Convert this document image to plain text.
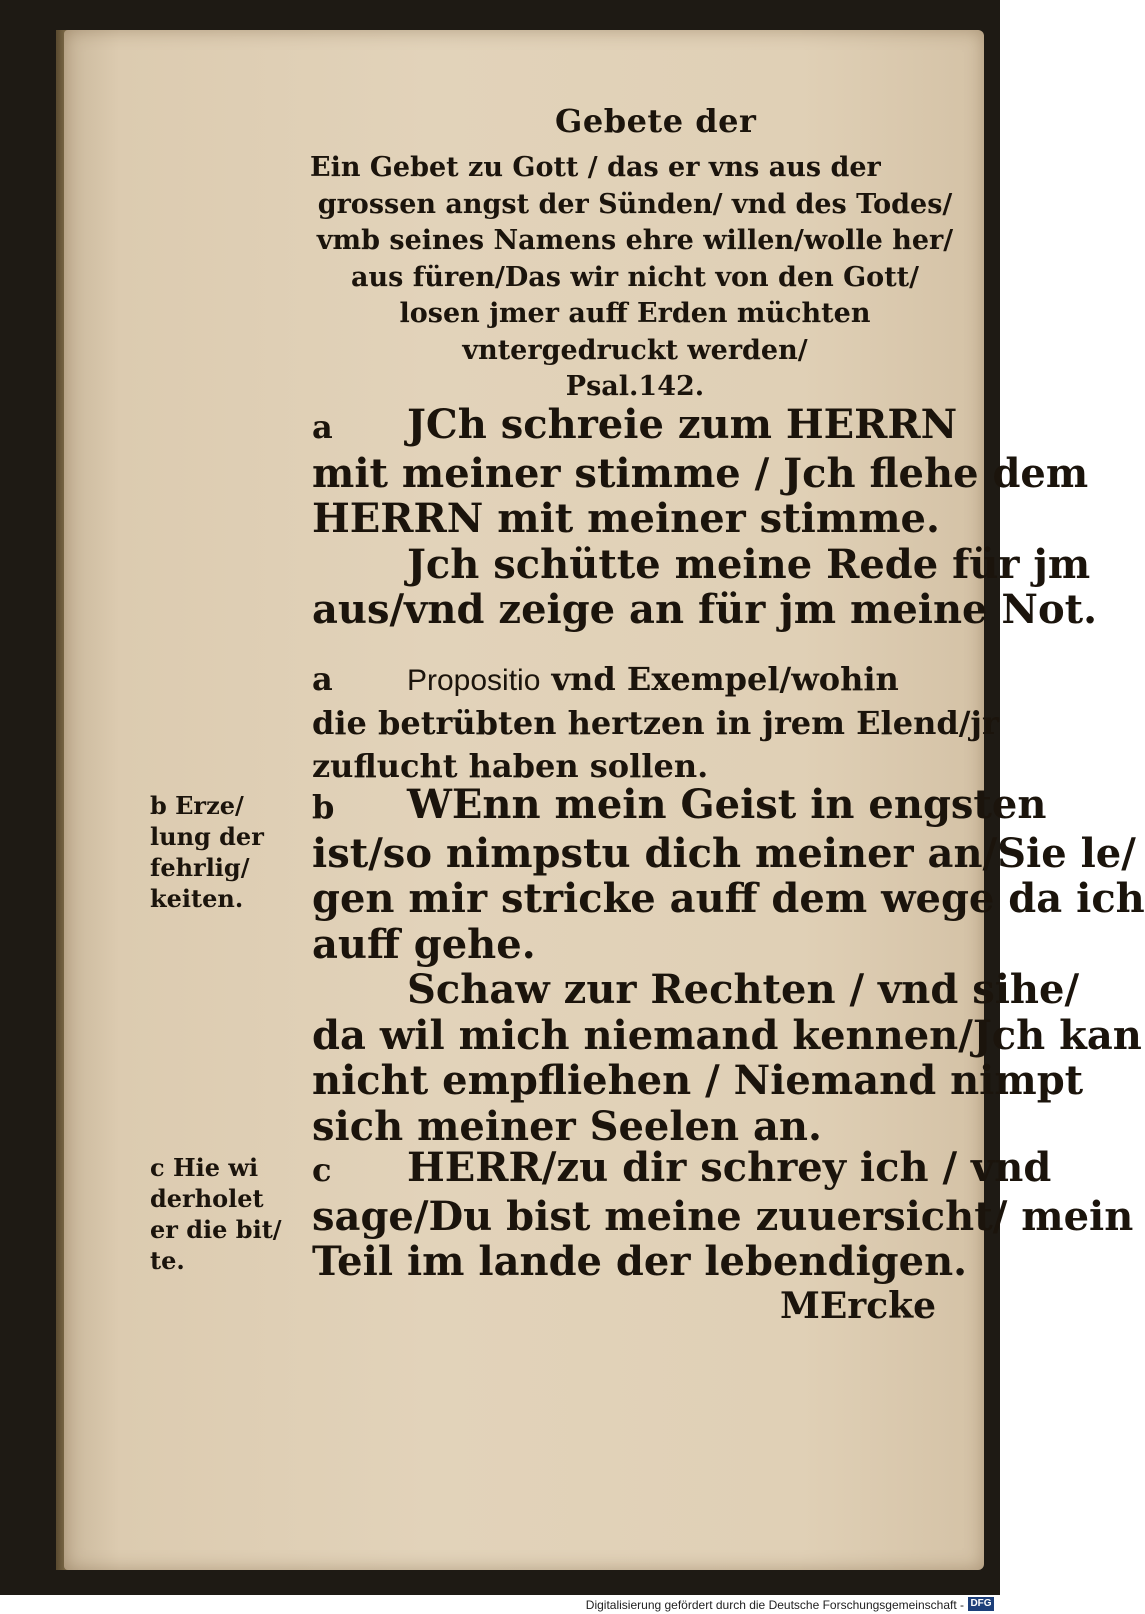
Gebete der
Ein Gebet zu Gott / das er vns aus der
grossen angst der Sünden/ vnd des Todes/
vmb seines Namens ehre willen/wolle her/
aus füren/Das wir nicht von den Gott/
losen jmer auff Erden müchten
vntergedruckt werden/
Psal.142.
a JCh schreie zum HERRN
mit meiner stimme / Jch flehe dem
HERRN mit meiner stimme.
Jch schütte meine Rede für jm
aus/vnd zeige an für jm meine Not.
a Propositio vnd Exempel/wohin
die betrübten hertzen in jrem Elend/jr
zuflucht haben sollen.
b Erze/
lung der
fehrlig/
keiten.
b WEnn mein Geist in engsten
ist/so nimpstu dich meiner an/Sie le/
gen mir stricke auff dem wege da ich
auff gehe.
Schaw zur Rechten / vnd sihe/
da wil mich niemand kennen/Jch kan
nicht empfliehen / Niemand nimpt
sich meiner Seelen an.
c Hie wi
derholet
er die bit/
te.
c HERR/zu dir schrey ich / vnd
sage/Du bist meine zuuersicht/ mein
Teil im lande der lebendigen.
MErcke
Digitalisierung gefördert durch die Deutsche Forschungsgemeinschaft - DFG
